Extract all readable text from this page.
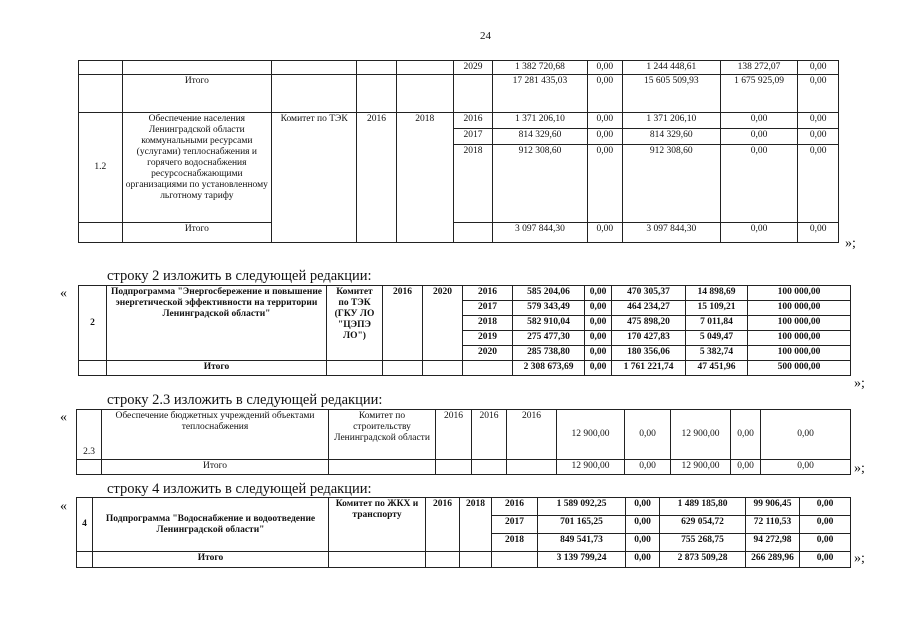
24
					2029	1 382 720,68	0,00	1 244 448,61	138 272,07	0,00
	Итого					17 281 435,03	0,00	15 605 509,93	1 675 925,09	0,00
1.2	Обеспечение населения Ленинградской области коммунальными ресурсами (услугами) теплоснабжения и горячего водоснабжения ресурсоснабжающими организациями по установленному льготному тарифу	Комитет по ТЭК	2016	2018	2016	1 371 206,10	0,00	1 371 206,10	0,00	0,00
					2017	814 329,60	0,00	814 329,60	0,00	0,00
					2018	912 308,60	0,00	912 308,60	0,00	0,00
	Итого					3 097 844,30	0,00	3 097 844,30	0,00	0,00
»;
строку 2 изложить в следующей редакции:
«
2	Подпрограмма "Энергосбережение и повышение энергетической эффективности на территории Ленинградской области"	Комитет по ТЭК (ГКУ ЛО "ЦЭПЭ ЛО")	2016	2020	2016	585 204,06	0,00	470 305,37	14 898,69	100 000,00
					2017	579 343,49	0,00	464 234,27	15 109,21	100 000,00
					2018	582 910,04	0,00	475 898,20	7 011,84	100 000,00
					2019	275 477,30	0,00	170 427,83	5 049,47	100 000,00
					2020	285 738,80	0,00	180 356,06	5 382,74	100 000,00
	Итого					2 308 673,69	0,00	1 761 221,74	47 451,96	500 000,00
»;
строку 2.3 изложить в следующей редакции:
«
2.3	Обеспечение бюджетных учреждений объектами теплоснабжения	Комитет по строительству Ленинградской области	2016	2016	2016	12 900,00	0,00	12 900,00	0,00	0,00
	Итого					12 900,00	0,00	12 900,00	0,00	0,00	»;
строку 4 изложить в следующей редакции:
«
4	Подпрограмма "Водоснабжение и водоотведение Ленинградской области"	Комитет по ЖКХ и транспорту	2016	2018	2016	1 589 092,25	0,00	1 489 185,80	99 906,45	0,00
					2017	701 165,25	0,00	629 054,72	72 110,53	0,00
					2018	849 541,73	0,00	755 268,75	94 272,98	0,00
	Итого					3 139 799,24	0,00	2 873 509,28	266 289,96	0,00 »;
